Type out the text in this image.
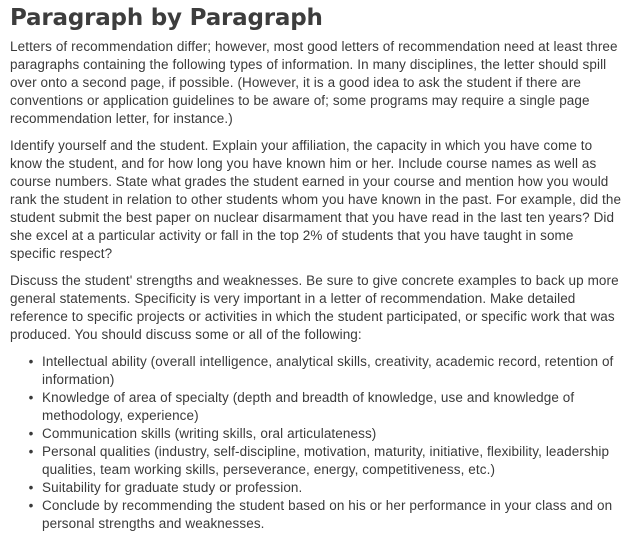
Paragraph by Paragraph

Letters of recommendation differ; however, most good letters of recommendation need at least three paragraphs containing the following types of information. In many disciplines, the letter should spill over onto a second page, if possible. (However, it is a good idea to ask the student if there are conventions or application guidelines to be aware of; some programs may require a single page recommendation letter, for instance.)

Identify yourself and the student. Explain your affiliation, the capacity in which you have come to know the student, and for how long you have known him or her. Include course names as well as course numbers. State what grades the student earned in your course and mention how you would rank the student in relation to other students whom you have known in the past. For example, did the student submit the best paper on nuclear disarmament that you have read in the last ten years? Did she excel at a particular activity or fall in the top 2% of students that you have taught in some specific respect?

Discuss the student' strengths and weaknesses. Be sure to give concrete examples to back up more general statements. Specificity is very important in a letter of recommendation. Make detailed reference to specific projects or activities in which the student participated, or specific work that was produced. You should discuss some or all of the following:

• Intellectual ability (overall intelligence, analytical skills, creativity, academic record, retention of information)
• Knowledge of area of specialty (depth and breadth of knowledge, use and knowledge of methodology, experience)
• Communication skills (writing skills, oral articulateness)
• Personal qualities (industry, self-discipline, motivation, maturity, initiative, flexibility, leadership qualities, team working skills, perseverance, energy, competitiveness, etc.)
• Suitability for graduate study or profession.
• Conclude by recommending the student based on his or her performance in your class and on personal strengths and weaknesses.
